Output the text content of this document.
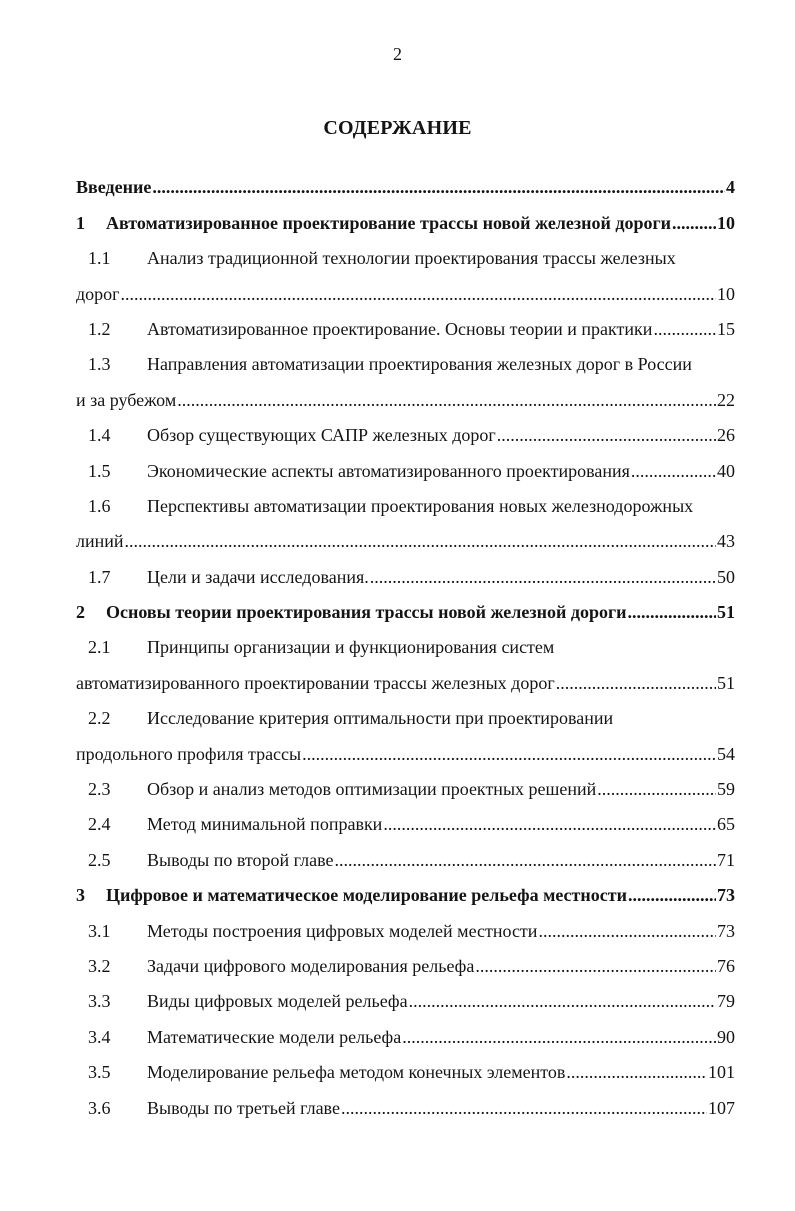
2
СОДЕРЖАНИЕ
Введение .....	4
1	Автоматизированное проектирование трассы новой железной дороги .....	10
1.1	Анализ традиционной технологии проектирования трассы железных
дорог .....	10
1.2	Автоматизированное проектирование. Основы теории и практики .....	15
1.3	Направления автоматизации проектирования железных дорог в России
и за рубежом .....	22
1.4	Обзор существующих САПР железных дорог .....	26
1.5	Экономические аспекты автоматизированного проектирования .....	40
1.6	Перспективы автоматизации проектирования новых железнодорожных
линий .....	43
1.7	Цели и задачи исследования. .....	50
2	Основы теории проектирования трассы новой железной дороги .....	51
2.1	Принципы организации и функционирования систем
автоматизированного проектировании трассы железных дорог .....	51
2.2	Исследование критерия оптимальности при проектировании
продольного профиля трассы .....	54
2.3	Обзор и анализ методов оптимизации проектных решений .....	59
2.4	Метод минимальной поправки .....	65
2.5	Выводы по второй главе .....	71
3	Цифровое и математическое моделирование рельефа местности .....	73
3.1	Методы построения цифровых моделей местности .....	73
3.2	Задачи цифрового моделирования рельефа .....	76
3.3	Виды цифровых моделей рельефа .....	79
3.4	Математические модели рельефа .....	90
3.5	Моделирование рельефа методом конечных элементов .....	101
3.6	Выводы по третьей главе .....	107
